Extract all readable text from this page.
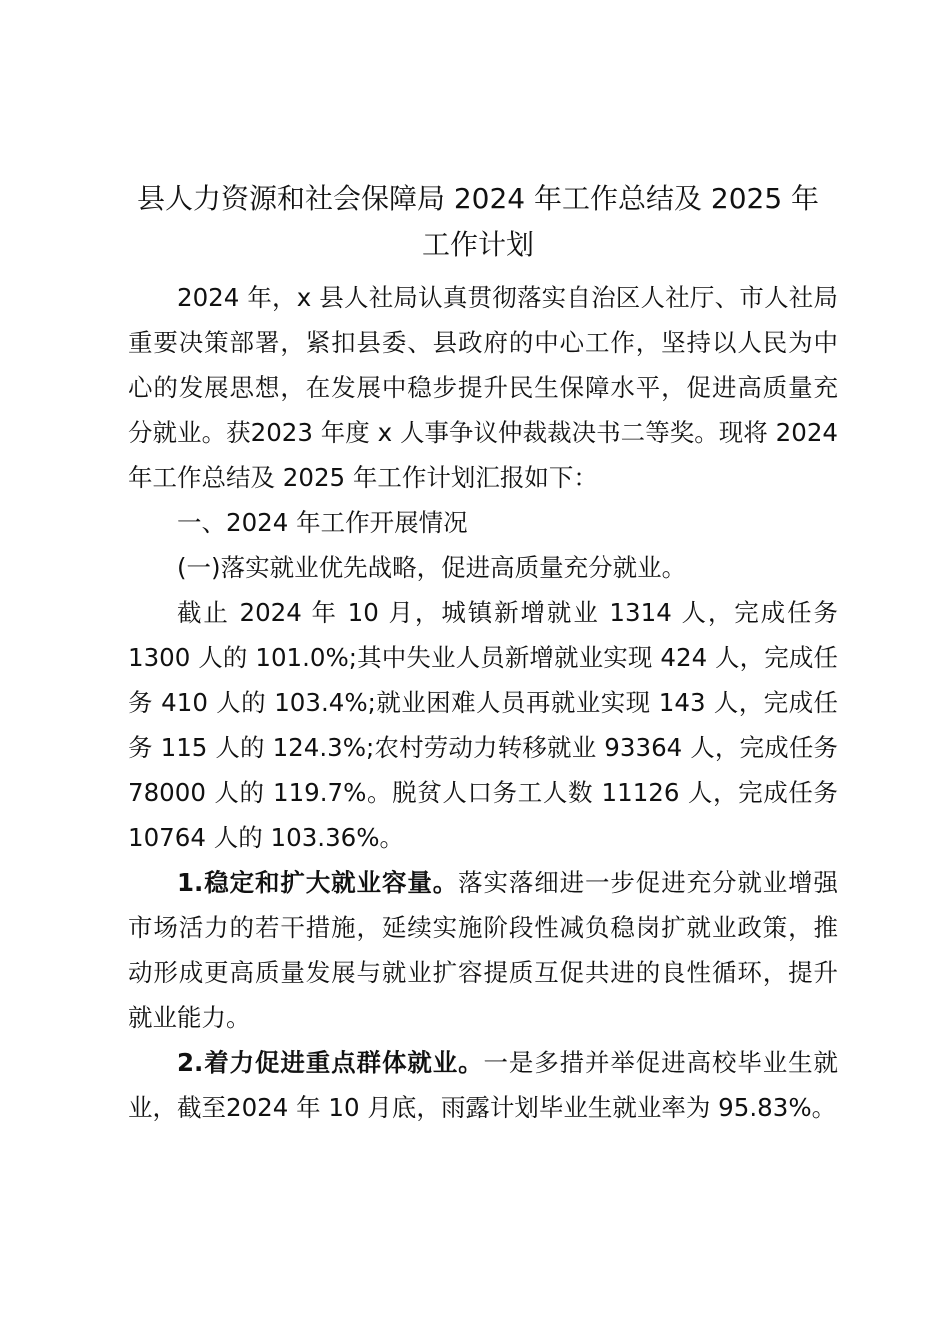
县人力资源和社会保障局 2024 年工作总结及 2025 年
工作计划

2024 年，x 县人社局认真贯彻落实自治区人社厅、市人社局重要决策部署，紧扣县委、县政府的中心工作，坚持以人民为中心的发展思想，在发展中稳步提升民生保障水平，促进高质量充分就业。获2023 年度 x 人事争议仲裁裁决书二等奖。现将 2024 年工作总结及 2025 年工作计划汇报如下：

一、2024 年工作开展情况

(一)落实就业优先战略，促进高质量充分就业。

截止 2024 年 10 月，城镇新增就业 1314 人，完成任务 1300 人的 101.0%;其中失业人员新增就业实现 424 人，完成任务 410 人的 103.4%;就业困难人员再就业实现 143 人，完成任务 115 人的 124.3%;农村劳动力转移就业 93364 人，完成任务 78000 人的 119.7%。脱贫人口务工人数 11126 人，完成任务 10764 人的 103.36%。

1.稳定和扩大就业容量。落实落细进一步促进充分就业增强市场活力的若干措施，延续实施阶段性减负稳岗扩就业政策，推动形成更高质量发展与就业扩容提质互促共进的良性循环，提升就业能力。

2.着力促进重点群体就业。一是多措并举促进高校毕业生就业，截至2024 年 10 月底，雨露计划毕业生就业率为 95.83%。
